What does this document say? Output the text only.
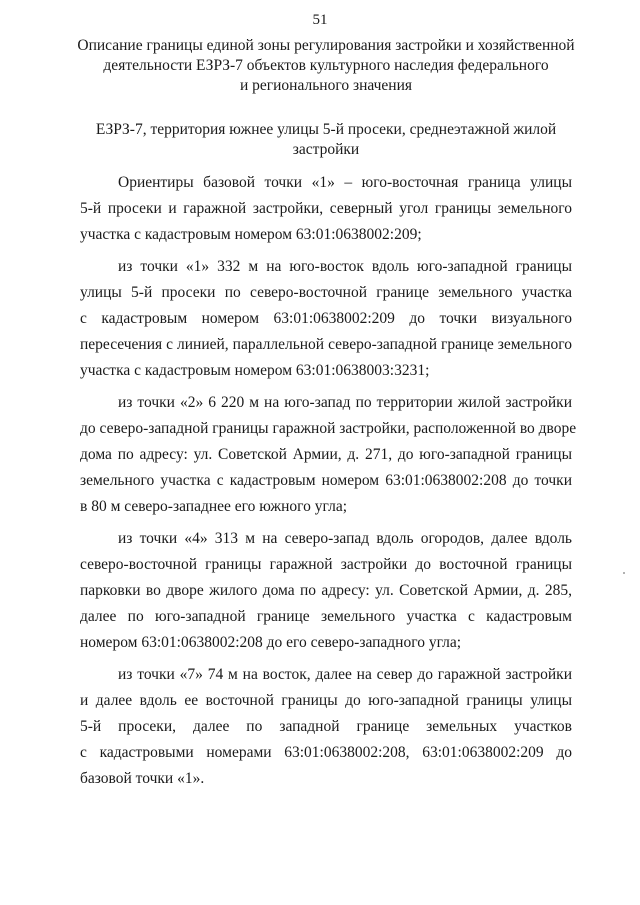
51
Описание границы единой зоны регулирования застройки и хозяйственной
деятельности ЕЗРЗ-7 объектов культурного наследия федерального
и регионального значения
ЕЗРЗ-7, территория южнее улицы 5-й просеки, среднеэтажной жилой
застройки
Ориентиры базовой точки «1» – юго-восточная граница улицы
5-й просеки и гаражной застройки, северный угол границы земельного
участка с кадастровым номером 63:01:0638002:209;
из точки «1» 332 м на юго-восток вдоль юго-западной границы
улицы 5-й просеки по северо-восточной границе земельного участка
с кадастровым номером 63:01:0638002:209 до точки визуального
пересечения с линией, параллельной северо-западной границе земельного
участка с кадастровым номером 63:01:0638003:3231;
из точки «2» 6 220 м на юго-запад по территории жилой застройки
до северо-западной границы гаражной застройки, расположенной во дворе
дома по адресу: ул. Советской Армии, д. 271, до юго-западной границы
земельного участка с кадастровым номером 63:01:0638002:208 до точки
в 80 м северо-западнее его южного угла;
из точки «4» 313 м на северо-запад вдоль огородов, далее вдоль
северо-восточной границы гаражной застройки до восточной границы
парковки во дворе жилого дома по адресу: ул. Советской Армии, д. 285,
далее по юго-западной границе земельного участка с кадастровым
номером 63:01:0638002:208 до его северо-западного угла;
из точки «7» 74 м на восток, далее на север до гаражной застройки
и далее вдоль ее восточной границы до юго-западной границы улицы
5-й просеки, далее по западной границе земельных участков
с кадастровыми номерами 63:01:0638002:208, 63:01:0638002:209 до
базовой точки «1».
